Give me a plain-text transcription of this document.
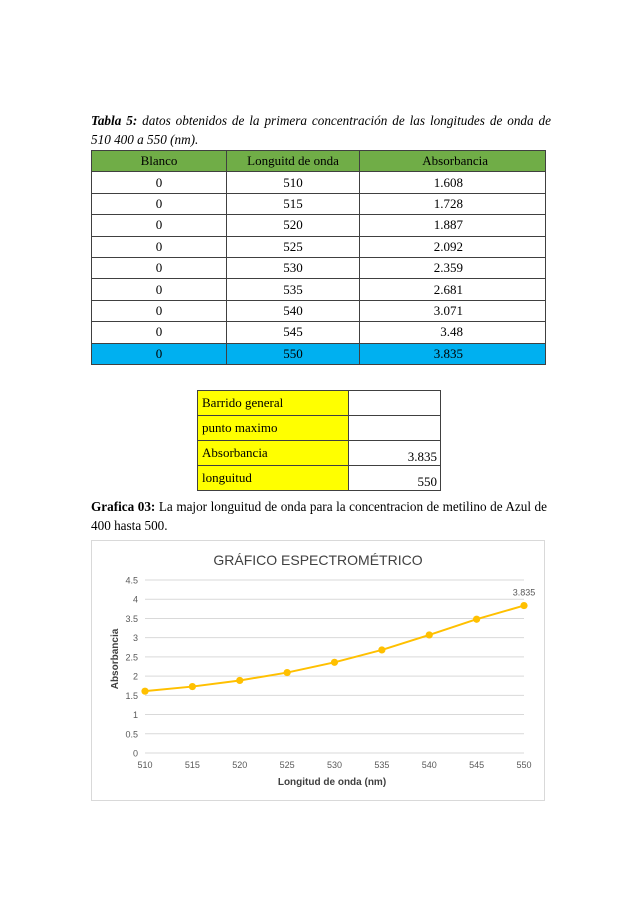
Tabla 5: datos obtenidos de la primera concentración de las longitudes de onda de 510 400 a 550 (nm).
Blanco	Longuitd de onda	Absorbancia
0	510	1.608
0	515	1.728
0	520	1.887
0	525	2.092
0	530	2.359
0	535	2.681
0	540	3.071
0	545	3.48
0	550	3.835
Barrido general	
punto maximo	
Absorbancia	3.835
longuitud	550
Grafica 03: La major longuitud de onda para la concentracion de metilino de Azul de 400 hasta 500.
GRÁFICO ESPECTROMÉTRICO
0
0.5
1
1.5
2
2.5
3
3.5
4
4.5
510	515	520	525	530	535	540	545	550
3.835
Longitud de onda (nm)
Absorbancia
